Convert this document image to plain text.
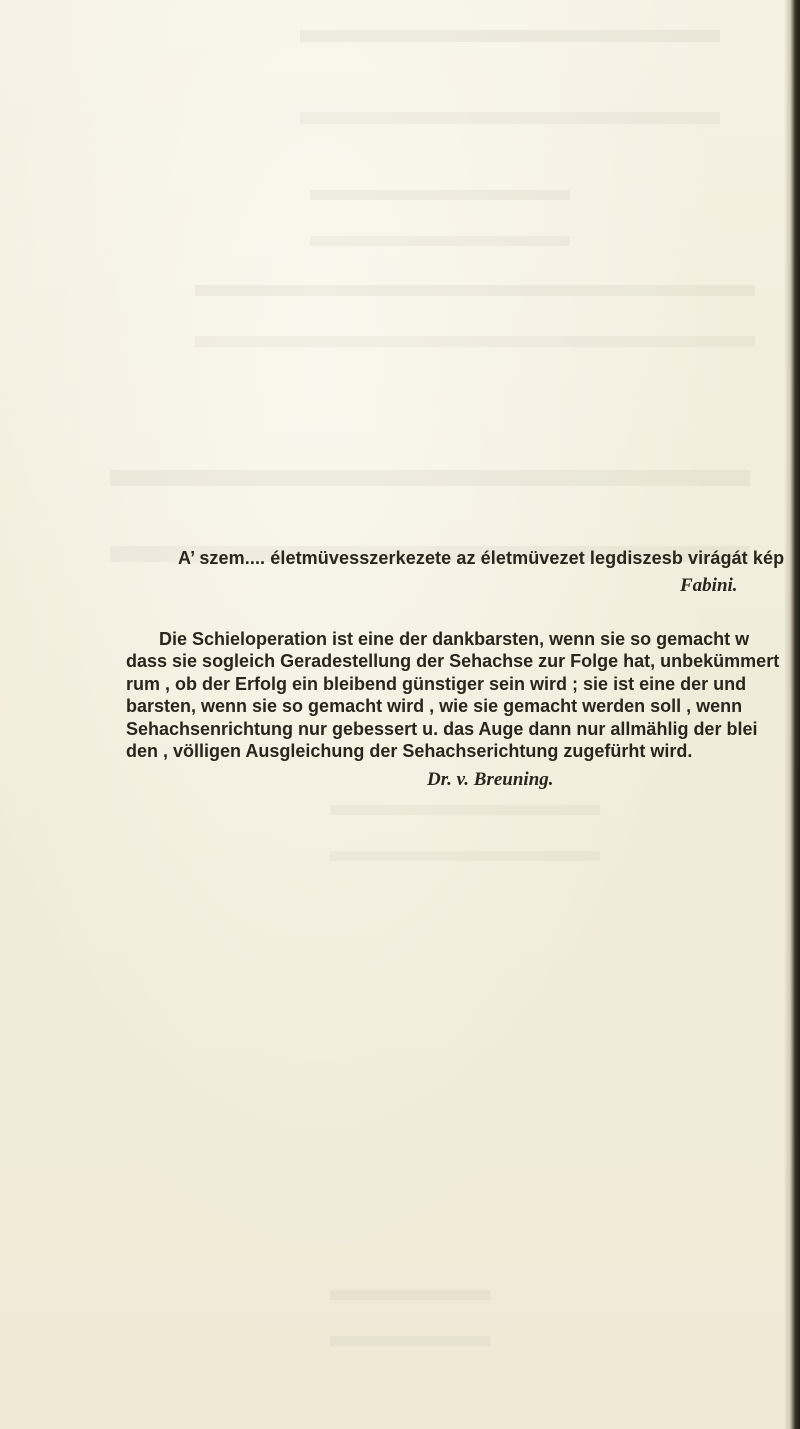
A’ szem.... életmüvesszerkezete az életmüvezet legdiszesb virágát kép
Fabini.
Die Schieloperation ist eine der dankbarsten, wenn sie so gemacht w
dass sie sogleich Geradestellung der Sehachse zur Folge hat, unbekümmert
rum , ob der Erfolg ein bleibend günstiger sein wird ; sie ist eine der und
barsten, wenn sie so gemacht wird , wie sie gemacht werden soll , wenn
Sehachsenrichtung nur gebessert u. das Auge dann nur allmählig der blei
den , völligen Ausgleichung der Sehachserichtung zugefürht wird.
Dr. v. Breuning.
